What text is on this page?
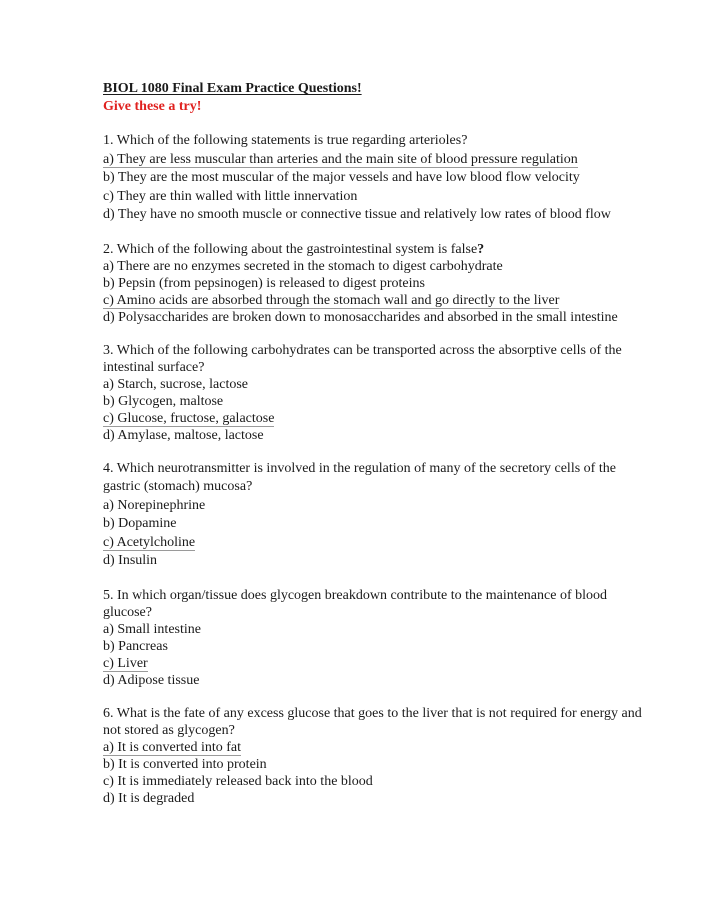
BIOL 1080 Final Exam Practice Questions!
Give these a try!
1. Which of the following statements is true regarding arterioles?
a) They are less muscular than arteries and the main site of blood pressure regulation
b) They are the most muscular of the major vessels and have low blood flow velocity
c) They are thin walled with little innervation
d) They have no smooth muscle or connective tissue and relatively low rates of blood flow
2. Which of the following about the gastrointestinal system is false?
a) There are no enzymes secreted in the stomach to digest carbohydrate
b) Pepsin (from pepsinogen) is released to digest proteins
c) Amino acids are absorbed through the stomach wall and go directly to the liver
d) Polysaccharides are broken down to monosaccharides and absorbed in the small intestine
3. Which of the following carbohydrates can be transported across the absorptive cells of the
intestinal surface?
a) Starch, sucrose, lactose
b) Glycogen, maltose
c) Glucose, fructose, galactose
d) Amylase, maltose, lactose
4. Which neurotransmitter is involved in the regulation of many of the secretory cells of the
gastric (stomach) mucosa?
a) Norepinephrine
b) Dopamine
c) Acetylcholine
d) Insulin
5. In which organ/tissue does glycogen breakdown contribute to the maintenance of blood
glucose?
a) Small intestine
b) Pancreas
c) Liver
d) Adipose tissue
6. What is the fate of any excess glucose that goes to the liver that is not required for energy and
not stored as glycogen?
a) It is converted into fat
b) It is converted into protein
c) It is immediately released back into the blood
d) It is degraded
